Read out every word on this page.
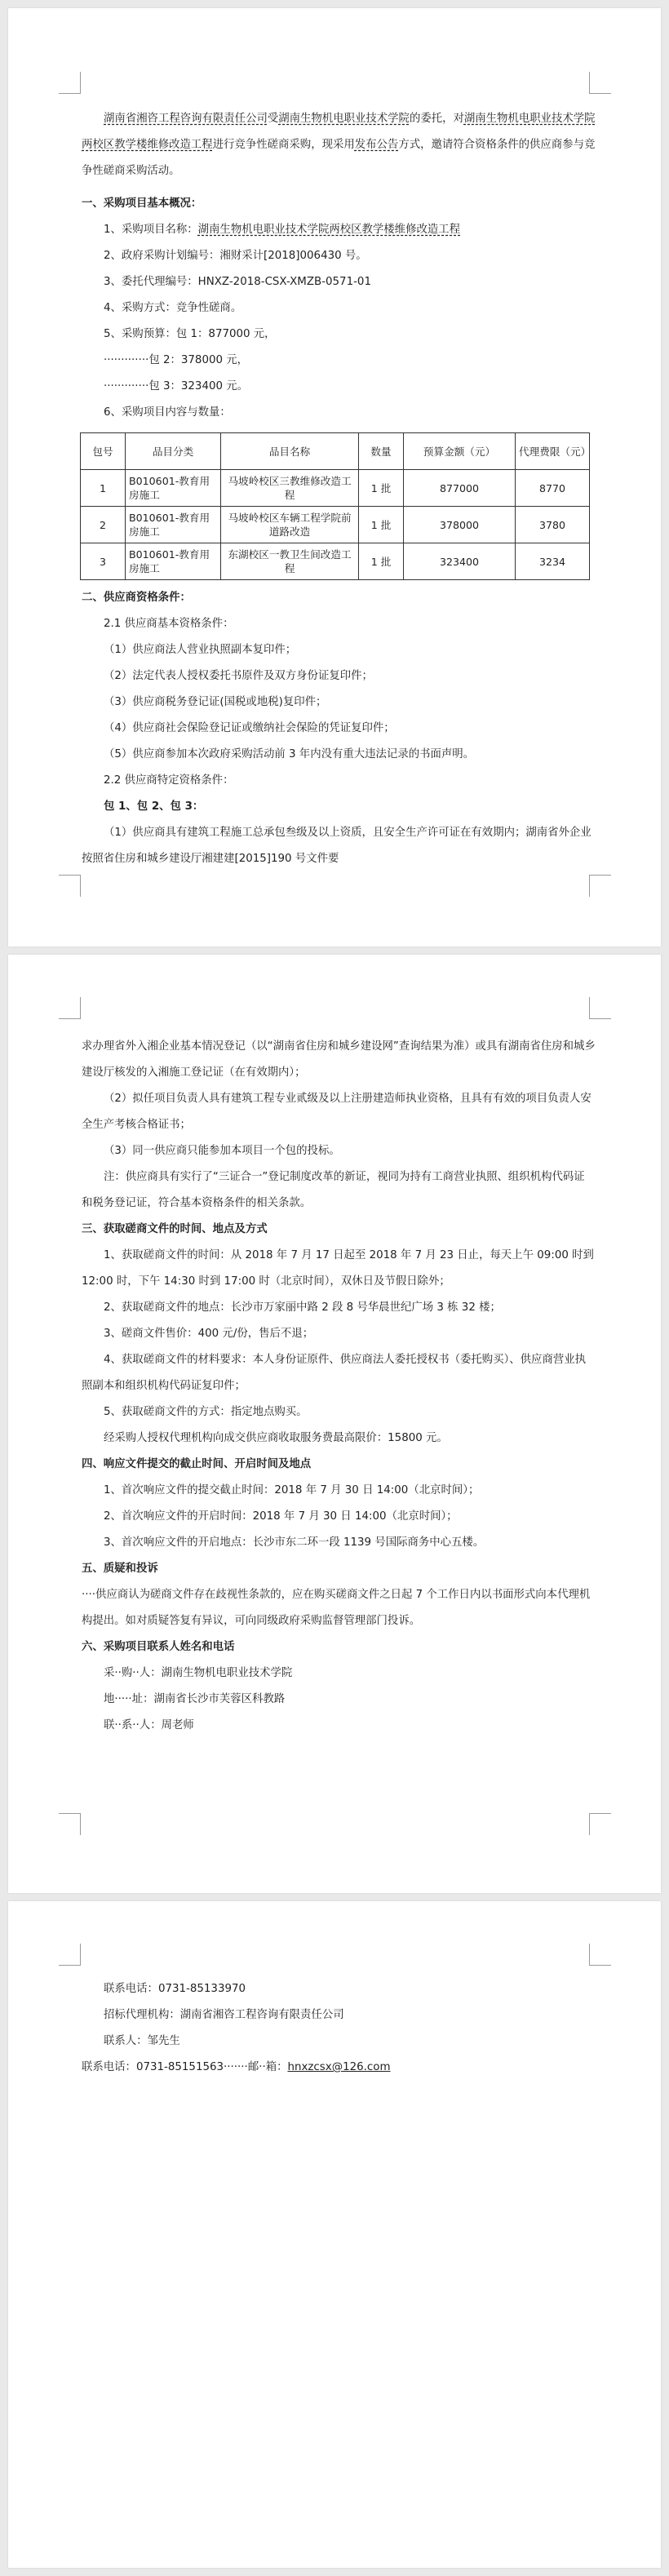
湖南省湘咨工程咨询有限责任公司受湖南生物机电职业技术学院的委托，对湖南生物机电职业技术学院两校区教学楼维修改造工程进行竞争性磋商采购，现采用发布公告方式，邀请符合资格条件的供应商参与竞争性磋商采购活动。

一、采购项目基本概况：

1、采购项目名称：湖南生物机电职业技术学院两校区教学楼维修改造工程

2、政府采购计划编号：湘财采计[2018]006430 号。

3、委托代理编号：HNXZ-2018-CSX-XMZB-0571-01

4、采购方式：竞争性磋商。

5、采购预算：包 1：877000 元，

·············包 2：378000 元，

·············包 3：323400 元。

6、采购项目内容与数量：

包号	品目分类	品目名称	数量	预算金额（元）	代理费限（元）
1	B010601-教育用房施工	马坡岭校区三教维修改造工程	1 批	877000	8770
2	B010601-教育用房施工	马坡岭校区车辆工程学院前道路改造	1 批	378000	3780
3	B010601-教育用房施工	东湖校区一教卫生间改造工程	1 批	323400	3234

二、供应商资格条件：

2.1 供应商基本资格条件：

（1）供应商法人营业执照副本复印件；

（2）法定代表人授权委托书原件及双方身份证复印件；

（3）供应商税务登记证(国税或地税)复印件；

（4）供应商社会保险登记证或缴纳社会保险的凭证复印件；

（5）供应商参加本次政府采购活动前 3 年内没有重大违法记录的书面声明。

2.2 供应商特定资格条件：

包 1、包 2、包 3：

（1）供应商具有建筑工程施工总承包叁级及以上资质，且安全生产许可证在有效期内；湖南省外企业按照省住房和城乡建设厅湘建建[2015]190 号文件要

求办理省外入湘企业基本情况登记（以“湖南省住房和城乡建设网”查询结果为准）或具有湖南省住房和城乡建设厅核发的入湘施工登记证（在有效期内）；

（2）拟任项目负责人具有建筑工程专业贰级及以上注册建造师执业资格，且具有有效的项目负责人安全生产考核合格证书；

（3）同一供应商只能参加本项目一个包的投标。

注：供应商具有实行了“三证合一”登记制度改革的新证，视同为持有工商营业执照、组织机构代码证和税务登记证，符合基本资格条件的相关条款。

三、获取磋商文件的时间、地点及方式

1、获取磋商文件的时间：从 2018 年 7 月 17 日起至 2018 年 7 月 23 日止，每天上午 09:00 时到 12:00 时，下午 14:30 时到 17:00 时（北京时间），双休日及节假日除外；

2、获取磋商文件的地点：长沙市万家丽中路 2 段 8 号华晨世纪广场 3 栋 32 楼；

3、磋商文件售价：400 元/份，售后不退；

4、获取磋商文件的材料要求：本人身份证原件、供应商法人委托授权书（委托购买）、供应商营业执照副本和组织机构代码证复印件；

5、获取磋商文件的方式：指定地点购买。

经采购人授权代理机构向成交供应商收取服务费最高限价：15800 元。

四、响应文件提交的截止时间、开启时间及地点

1、首次响应文件的提交截止时间：2018 年 7 月 30 日 14:00（北京时间）；

2、首次响应文件的开启时间：2018 年 7 月 30 日 14:00（北京时间）；

3、首次响应文件的开启地点：长沙市东二环一段 1139 号国际商务中心五楼。

五、质疑和投诉

····供应商认为磋商文件存在歧视性条款的，应在购买磋商文件之日起 7 个工作日内以书面形式向本代理机构提出。如对质疑答复有异议，可向同级政府采购监督管理部门投诉。

六、采购项目联系人姓名和电话

采··购··人：湖南生物机电职业技术学院

地·····址：湖南省长沙市芙蓉区科教路

联··系··人：周老师

联系电话：0731-85133970

招标代理机构：湖南省湘咨工程咨询有限责任公司

联系人：邹先生

联系电话：0731-85151563·······邮··箱：hnxzcsx@126.com
